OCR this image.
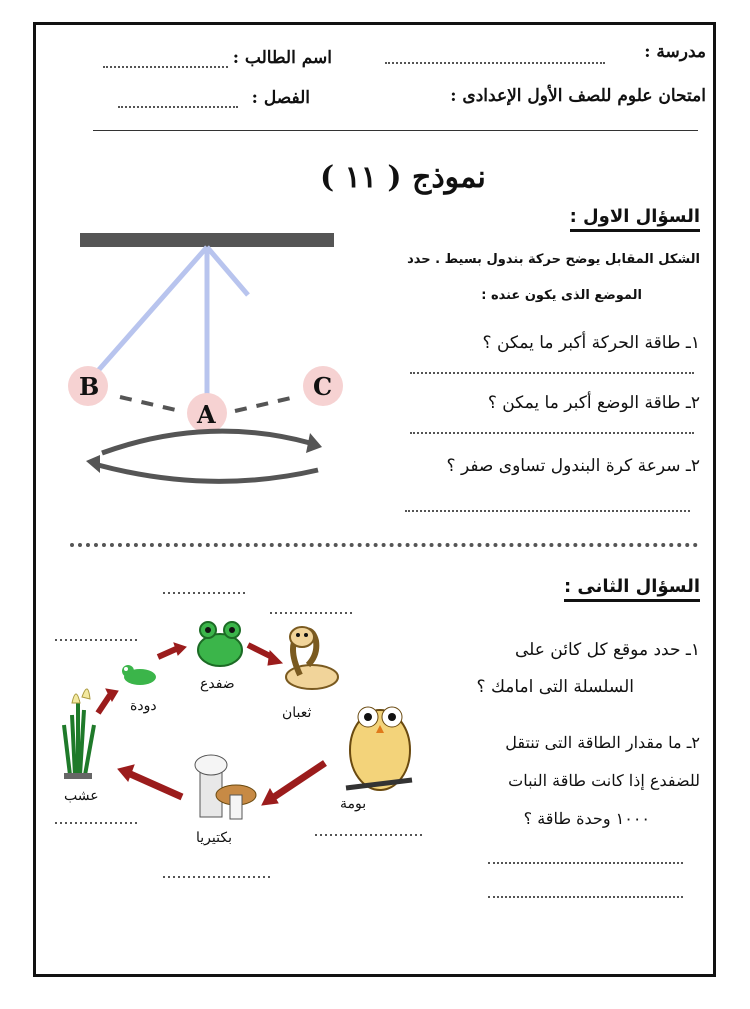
مدرسة :
اسم الطالب :
امتحان علوم للصف الأول الإعدادى :
الفصل :
نموذج ( ١١ )
السؤال الاول :
الشكل المقابل يوضح حركة بندول بسيط . حدد
الموضع الذى يكون عنده :
١ـ طاقة الحركة أكبر ما يمكن ؟
٢ـ طاقة الوضع أكبر ما يمكن ؟
٢ـ سرعة كرة البندول تساوى صفر ؟
B
A
C
السؤال الثانى :
١ـ حدد موقع كل كائن على
السلسلة التى امامك ؟
٢ـ ما مقدار الطاقة التى تنتقل
للضفدع إذا كانت طاقة النبات
١٠٠٠ وحدة طاقة ؟
ضفدع
ثعبان
دودة
عشب	بومة
بكتيريا
